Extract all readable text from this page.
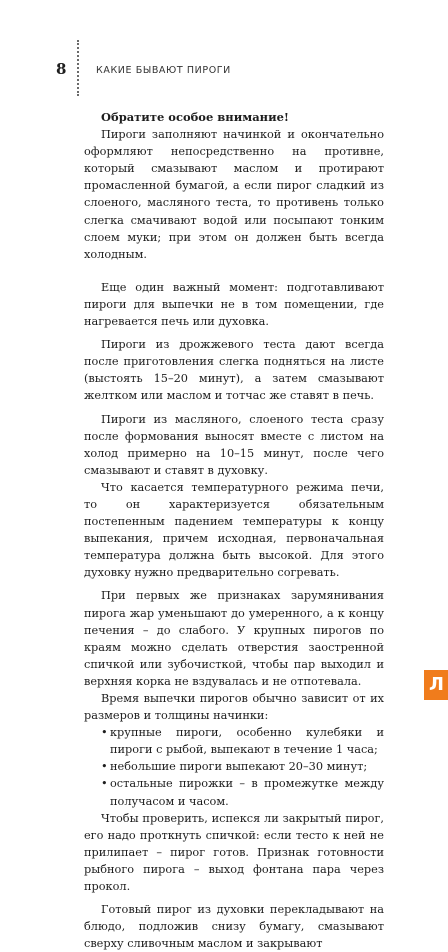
8	КАКИЕ БЫВАЮТ ПИРОГИ
Обратите особое внимание!

Пироги заполняют начинкой и окончательно оформляют непосредственно на противне, который смазывают маслом и протирают промасленной бумагой, а если пирог сладкий из слоеного, масляного теста, то противень только слегка смачивают водой или посыпают тонким слоем муки; при этом он должен быть всегда холодным.

Еще один важный момент: подготавливают пироги для выпечки не в том помещении, где нагревается печь или духовка.

Пироги из дрожжевого теста дают всегда после приготовления слегка подняться на листе (выстоять 15–20 минут), а затем смазывают желтком или маслом и тотчас же ставят в печь.

Пироги из масляного, слоеного теста сразу после формования выносят вместе с листом на холод примерно на 10–15 минут, после чего смазывают и ставят в духовку.

Что касается температурного режима печи, то он характеризуется обязательным постепенным падением температуры к концу выпекания, причем исходная, первоначальная температура должна быть высокой. Для этого духовку нужно предварительно согревать.

При первых же признаках зарумянивания пирога жар уменьшают до умеренного, а к концу печения – до слабого. У крупных пирогов по краям можно сделать отверстия заостренной спичкой или зубочисткой, чтобы пар выходил и верхняя корка не вздувалась и не отпотевала.

Время выпечки пирогов обычно зависит от их размеров и толщины начинки:

• крупные пироги, особенно кулебяки и пироги с рыбой, выпекают в течение 1 часа;
• небольшие пироги выпекают 20–30 минут;
• остальные пирожки – в промежутке между получасом и часом.

Чтобы проверить, испекся ли закрытый пирог, его надо проткнуть спичкой: если тесто к ней не прилипает – пирог готов. Признак готовности рыбного пирога – выход фонтана пара через прокол.

Готовый пирог из духовки перекладывают на блюдо, подложив снизу бумагу, смазывают сверху сливочным маслом и закрывают

Л
